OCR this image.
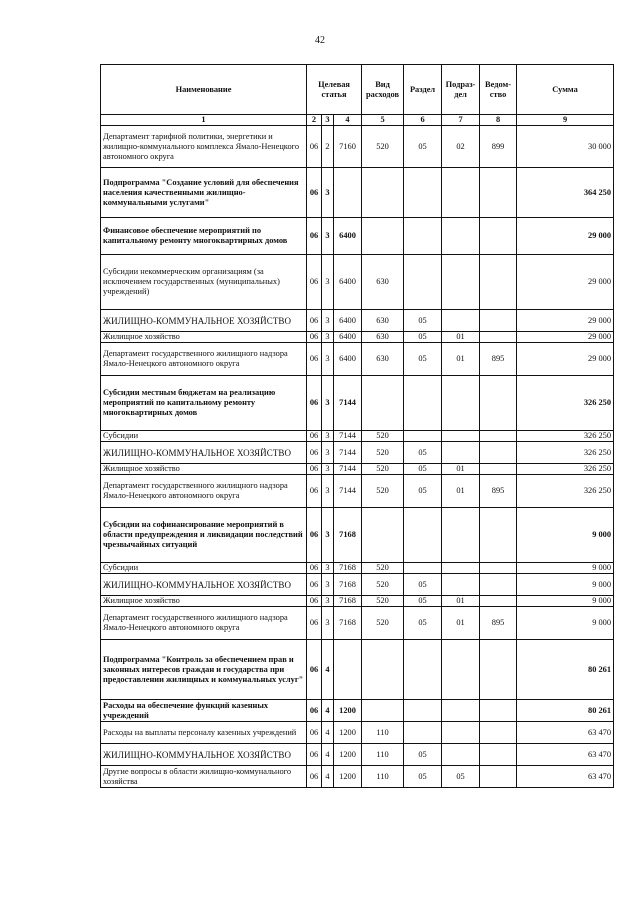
42
Наименование	Целевая статья			Вид расходов	Раздел	Подраз-дел	Ведом-ство	Сумма
1	2	3	4	5	6	7	8	9
Департамент тарифной политики, энергетики и жилищно-коммунального комплекса Ямало-Ненецкого автономного округа	06	2	7160	520	05	02	899	30 000
Подпрограмма "Создание условий для обеспечения населения качественными жилищно-коммунальными услугами"	06	3						364 250
Финансовое обеспечение мероприятий по капитальному ремонту многоквартирных домов	06	3	6400					29 000
Субсидии некоммерческим организациям (за исключением государственных (муниципальных) учреждений)	06	3	6400	630				29 000
ЖИЛИЩНО-КОММУНАЛЬНОЕ ХОЗЯЙСТВО	06	3	6400	630	05			29 000
Жилищное хозяйство	06	3	6400	630	05	01		29 000
Департамент государственного жилищного надзора Ямало-Ненецкого автономного округа	06	3	6400	630	05	01	895	29 000
Субсидии местным бюджетам на реализацию мероприятий по капитальному ремонту многоквартирных домов	06	3	7144					326 250
Субсидии	06	3	7144	520				326 250
ЖИЛИЩНО-КОММУНАЛЬНОЕ ХОЗЯЙСТВО	06	3	7144	520	05			326 250
Жилищное хозяйство	06	3	7144	520	05	01		326 250
Департамент государственного жилищного надзора Ямало-Ненецкого автономного округа	06	3	7144	520	05	01	895	326 250
Субсидии на софинансирование мероприятий в области предупреждения и ликвидации последствий чрезвычайных ситуаций	06	3	7168					9 000
Субсидии	06	3	7168	520				9 000
ЖИЛИЩНО-КОММУНАЛЬНОЕ ХОЗЯЙСТВО	06	3	7168	520	05			9 000
Жилищное хозяйство	06	3	7168	520	05	01		9 000
Департамент государственного жилищного надзора Ямало-Ненецкого автономного округа	06	3	7168	520	05	01	895	9 000
Подпрограмма "Контроль за обеспечением прав и законных интересов граждан и государства при предоставлении жилищных и коммунальных услуг"	06	4						80 261
Расходы на обеспечение функций казенных учреждений	06	4	1200					80 261
Расходы на выплаты персоналу казенных учреждений	06	4	1200	110				63 470
ЖИЛИЩНО-КОММУНАЛЬНОЕ ХОЗЯЙСТВО	06	4	1200	110	05			63 470
Другие вопросы в области жилищно-коммунального хозяйства	06	4	1200	110	05	05		63 470
